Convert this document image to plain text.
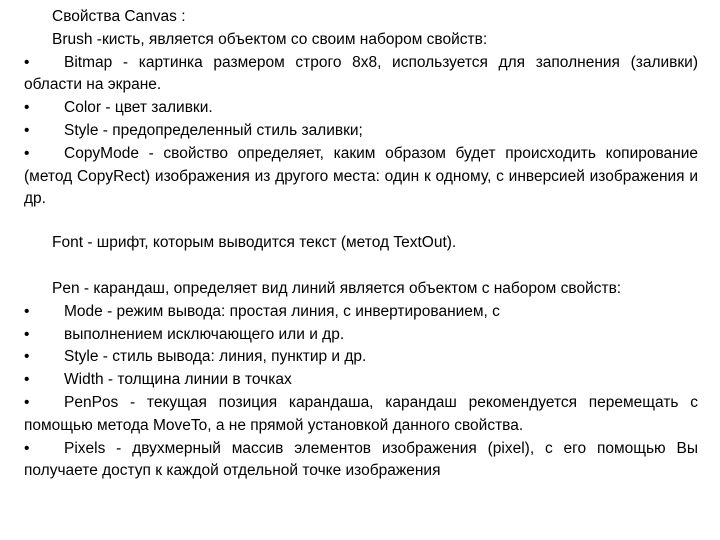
Свойства Canvas :

Brush -кисть, является объектом со своим набором свойств:

• Bitmap - картинка размером строго 8х8, используется для заполнения (заливки) области на экране.

•	Color - цвет заливки.
•	Style - предопределенный стиль заливки;

• CopyMode - свойство определяет, каким образом будет происходить копирование (метод CopyRect) изображения из другого места: один к одному, с инверсией изображения и др.

Font - шрифт, которым выводится текст (метод TextOut).

Pen - карандаш, определяет вид линий является объектом с набором свойств:

•	Mode - режим вывода: простая линия, с инвертированием, с
•	выполнением исключающего или и др.
•	Style - стиль вывода: линия, пунктир и др.
•	Width - толщина линии в точках

• PenPos - текущая позиция карандаша, карандаш рекомендуется перемещать с помощью метода MoveTo, а не прямой установкой данного свойства.

• Pixels - двухмерный массив элементов изображения (pixel), с его помощью Вы получаете доступ к каждой отдельной точке изображения
